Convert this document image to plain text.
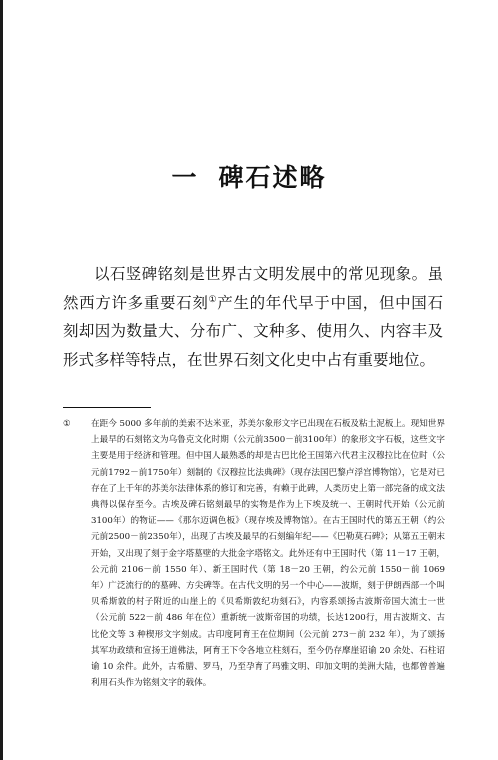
一 碑石述略

以石竖碑铭刻是世界古文明发展中的常见现象。虽然西方许多重要石刻①产生的年代早于中国，但中国石刻却因为数量大、分布广、文种多、使用久、内容丰及形式多样等特点，在世界石刻文化史中占有重要地位。

① 在距今 5000 多年前的美索不达米亚，苏美尔象形文字已出现在石板及粘土泥板上。现知世界上最早的石刻铭文为乌鲁克文化时期（公元前3500－前3100年）的象形文字石板，这些文字主要是用于经济和管理。但中国人最熟悉的却是古巴比伦王国第六代君主汉穆拉比在位时（公元前1792－前1750年）刻制的《汉穆拉比法典碑》（现存法国巴黎卢浮宫博物馆），它是对已存在了上千年的苏美尔法律体系的修订和完善，有赖于此碑，人类历史上第一部完备的成文法典得以保存至今。古埃及碑石铭刻最早的实物是作为上下埃及统一、王朝时代开始（公元前3100年）的物证——《那尔迈调色板》（现存埃及博物馆）。在古王国时代的第五王朝（约公元前2500－前2350年），出现了古埃及最早的石刻编年纪——《巴勒莫石碑》；从第五王朝末开始，又出现了刻于金字塔墓壁的大批金字塔铭文。此外还有中王国时代（第 11－17 王朝，公元前 2106－前 1550 年）、新王国时代（第 18－20 王朝，约公元前 1550－前 1069 年）广泛流行的的墓碑、方尖碑等。在古代文明的另一个中心——波斯，刻于伊朗西部一个叫贝希斯敦的村子附近的山崖上的《贝希斯敦纪功刻石》，内容系颂扬古波斯帝国大流士一世（公元前 522－前 486 年在位）重新统一波斯帝国的功绩，长达1200行，用古波斯文、古比伦文等 3 种楔形文字刻成。古印度阿育王在位期间（公元前 273－前 232 年），为了颂扬其军功政绩和宣扬王道佛法，阿育王下令各地立柱刻石，至今仍存摩崖诏谕 20 余处、石柱诏谕 10 余件。此外，古希腊、罗马，乃至孕育了玛雅文明、印加文明的美洲大陆，也都曾普遍利用石头作为铭刻文字的载体。
